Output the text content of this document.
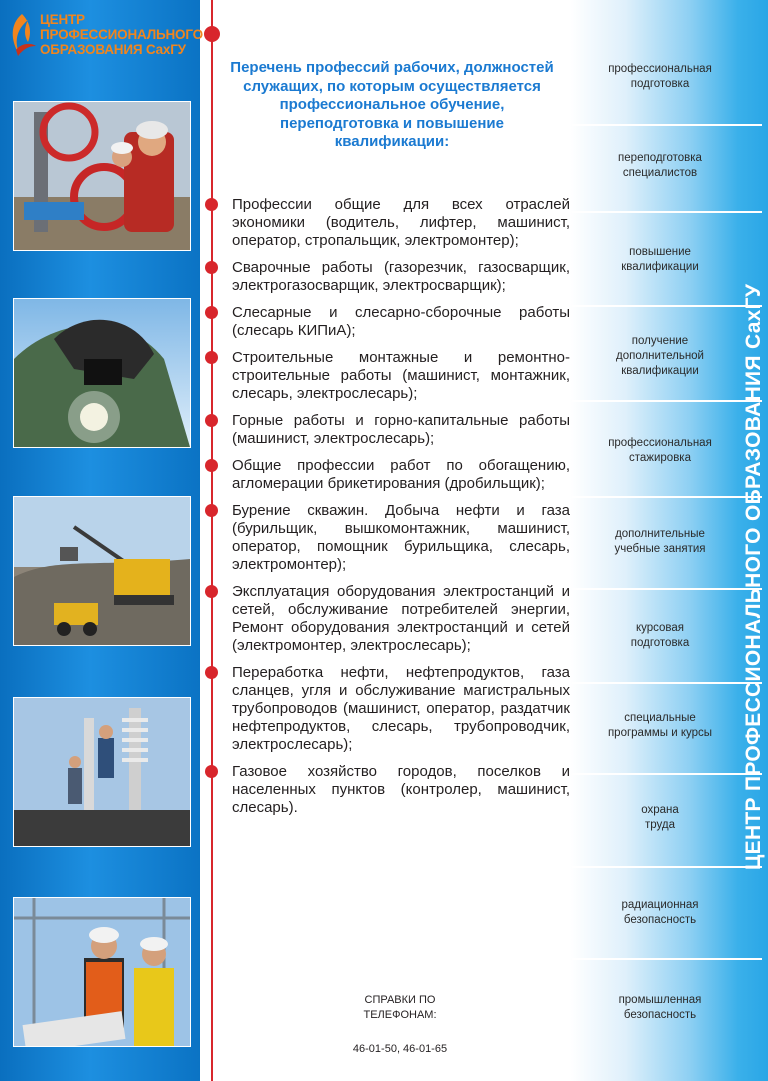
ЦЕНТР
ПРОФЕССИОНАЛЬНОГО
ОБРАЗОВАНИЯ СахГУ
Перечень профессий рабочих, должностей служащих, по которым осуществляется профессиональное обучение, переподготовка и повышение квалификации:
Профессии общие для всех отраслей экономики (водитель, лифтер, машинист, оператор, стропальщик, электромонтер);
Сварочные работы (газорезчик, газосварщик, электрогазосварщик, электросварщик);
Слесарные и слесарно-сборочные работы (слесарь КИПиА);
Строительные монтажные и ремонтно-строительные работы (машинист, монтажник, слесарь, электрослесарь);
Горные работы и горно-капитальные работы (машинист, электрослесарь);
Общие профессии работ по обогащению, агломерации брикетирования (дробильщик);
Бурение скважин. Добыча нефти и газа (бурильщик, вышкомонтажник, машинист, оператор, помощник бурильщика, слесарь, электромонтер);
Эксплуатация оборудования электростанций и сетей, обслуживание потребителей энергии, Ремонт оборудования электростанций и сетей (электромонтер, электрослесарь);
Переработка нефти, нефтепродуктов, газа сланцев, угля и обслуживание магистральных трубопроводов (машинист, оператор, раздатчик нефтепродуктов, слесарь, трубопроводчик, электрослесарь);
Газовое хозяйство городов, поселков и населенных пунктов (контролер, машинист, слесарь).
СПРАВКИ ПО
ТЕЛЕФОНАМ:
46-01-50, 46-01-65
профессиональная
подготовка
переподготовка
специалистов
повышение
квалификации
получение
дополнительной
квалификации
профессиональная
стажировка
дополнительные
учебные занятия
курсовая
подготовка
специальные
программы и курсы
охрана
труда
радиационная
безопасность
промышленная
безопасность
ЦЕНТР ПРОФЕССИОНАЛЬНОГО ОБРАЗОВАНИЯ СахГУ
